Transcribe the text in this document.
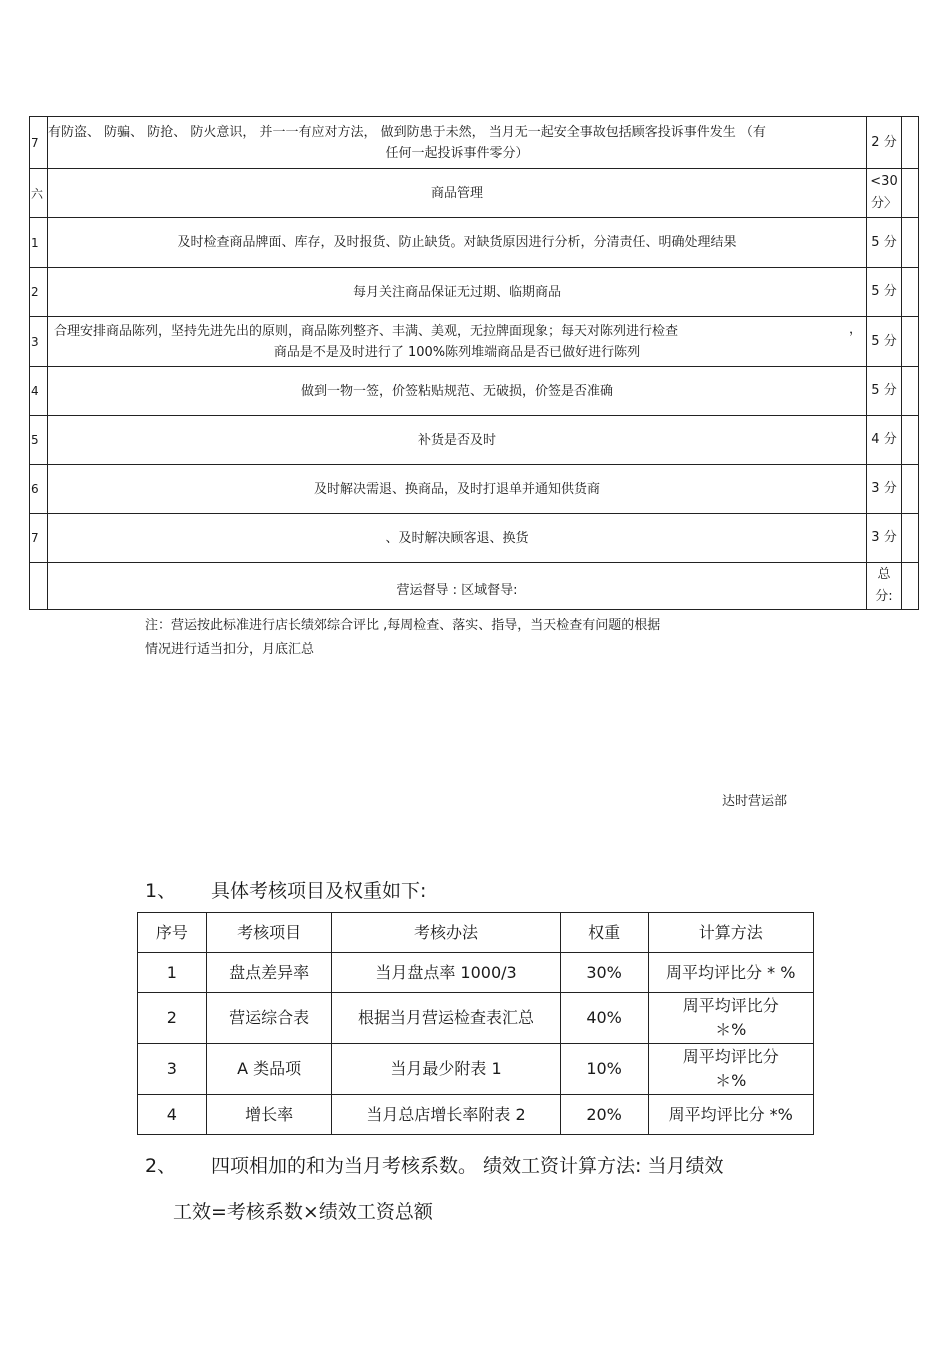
7	有防盗、 防骗、 防抢、 防火意识， 并一一有应对方法， 做到防患于未然， 当月无一起安全事故包括顾客投诉事件发生 （有
任何一起投诉事件零分）	2 分	
六	商品管理	<30
分〉	

1	及时检查商品牌面、库存，及时报货、防止缺货。对缺货原因进行分析，分清责任、明确处理结果	5 分	
2	每月关注商品保证无过期、临期商品	5 分	
3	合理安排商品陈列，坚持先进先出的原则，商品陈列整齐、丰满、美观，无拉牌面现象；每天对陈列进行检查
商品是不是及时进行了 100%陈列堆端商品是否已做好进行陈列
，	5 分	
4	做到一物一签，价签粘贴规范、无破损，价签是否准确	5 分	
5	补货是否及时	4 分	
6	及时解决需退、换商品，及时打退单并通知供货商	3 分	
7	、及时解决顾客退、换货	3 分	
	营运督导 : 区域督导:	总
分:	

注：营运按此标准进行店长绩郊综合评比 ,每周检查、落实、指导，当天检查有问题的根据
情况进行适当扣分，月底汇总
达时营运部
1、 具体考核项目及权重如下:
序号	考核项目	考核办法	权重	计算方法
1	盘点差异率	当月盘点率 1000/3	30%	周平均评比分 * %
2	营运综合表	根据当月营运检查表汇总	40%	周平均评比分
＊%

3	A 类品项	当月最少附表 1	10%	周平均评比分
＊%

4	增长率	当月总店增长率附表 2	20%	周平均评比分 *%
2、 四项相加的和为当月考核系数。 绩效工资计算方法: 当月绩效
工效=考核系数×绩效工资总额
